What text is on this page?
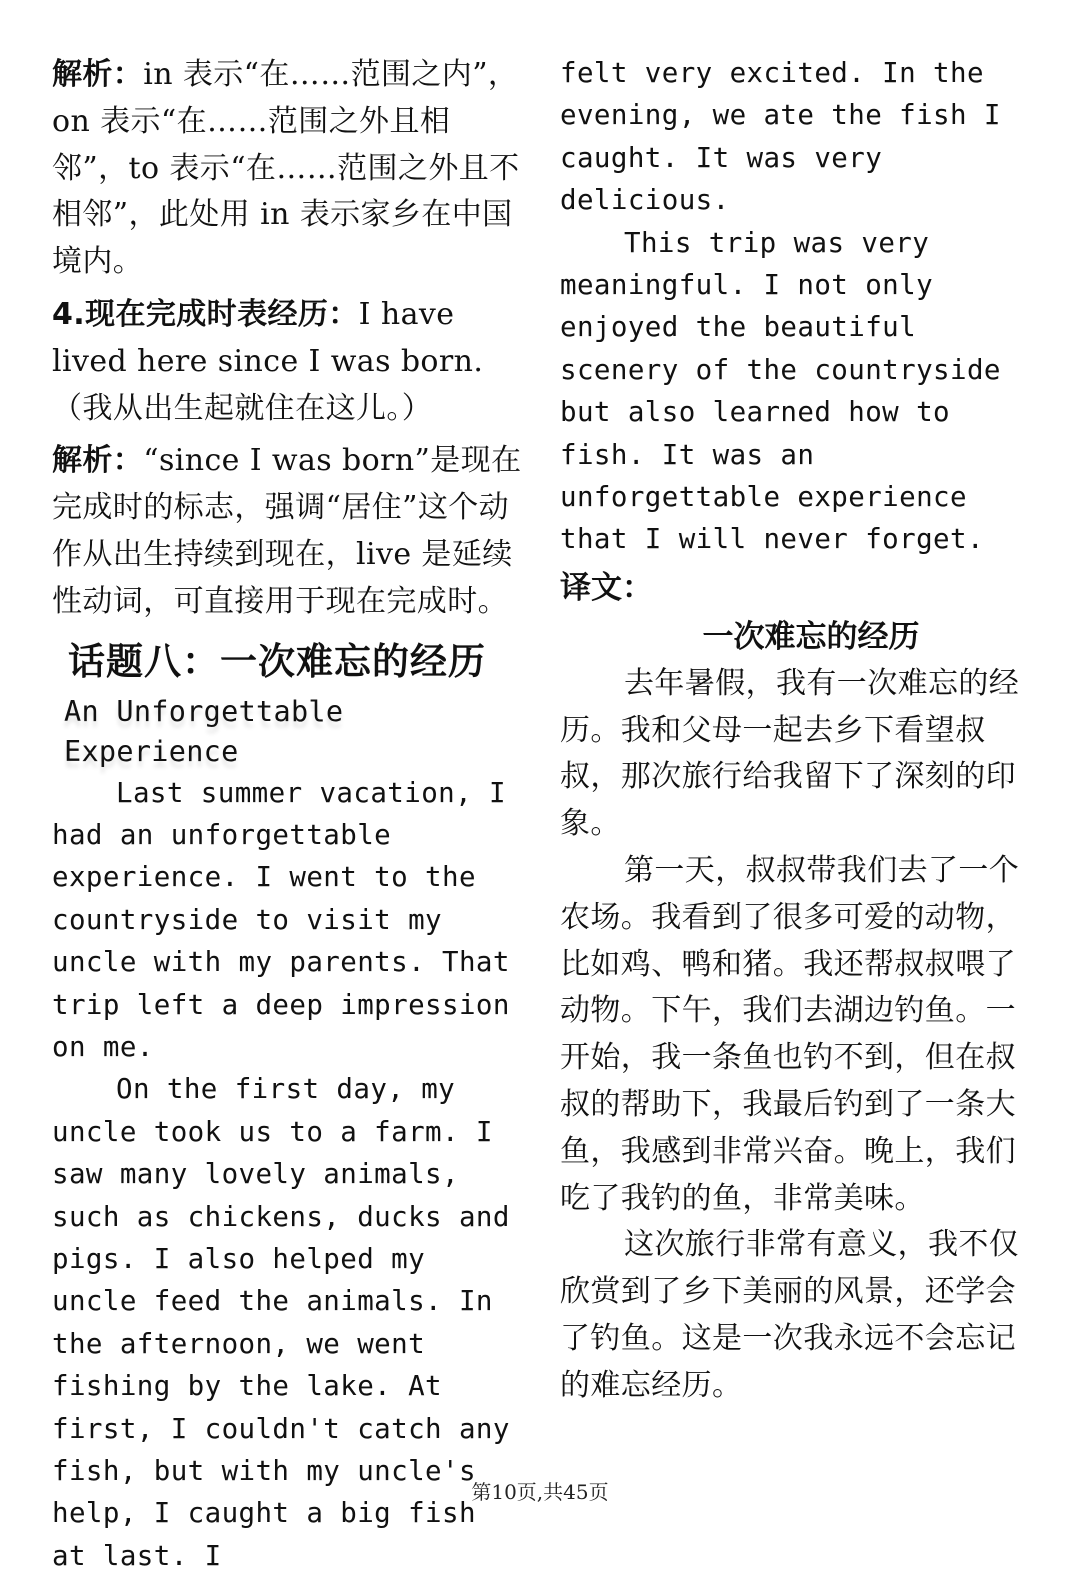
解析：in 表示“在……范围之内”，on 表示“在……范围之外且相邻”，to 表示“在……范围之外且不相邻”，此处用 in 表示家乡在中国境内。

4.现在完成时表经历：I have lived here since I was born.（我从出生起就住在这儿。）

解析：“since I was born”是现在完成时的标志，强调“居住”这个动作从出生持续到现在，live 是延续性动词，可直接用于现在完成时。

话题八：一次难忘的经历
An Unforgettable Experience

Last summer vacation, I had an unforgettable experience. I went to the countryside to visit my uncle with my parents. That trip left a deep impression on me.

On the first day, my uncle took us to a farm. I saw many lovely animals, such as chickens, ducks and pigs. I also helped my uncle feed the animals. In the afternoon, we went fishing by the lake. At first, I couldn't catch any fish, but with my uncle's help, I caught a big fish at last. I

felt very excited. In the evening, we ate the fish I caught. It was very delicious.

This trip was very meaningful. I not only enjoyed the beautiful scenery of the countryside but also learned how to fish. It was an unforgettable experience that I will never forget.

译文：
一次难忘的经历

去年暑假，我有一次难忘的经历。我和父母一起去乡下看望叔叔，那次旅行给我留下了深刻的印象。

第一天，叔叔带我们去了一个农场。我看到了很多可爱的动物，比如鸡、鸭和猪。我还帮叔叔喂了动物。下午，我们去湖边钓鱼。一开始，我一条鱼也钓不到，但在叔叔的帮助下，我最后钓到了一条大鱼，我感到非常兴奋。晚上，我们吃了我钓的鱼，非常美味。

这次旅行非常有意义，我不仅欣赏到了乡下美丽的风景，还学会了钓鱼。这是一次我永远不会忘记的难忘经历。

第10页,共45页
